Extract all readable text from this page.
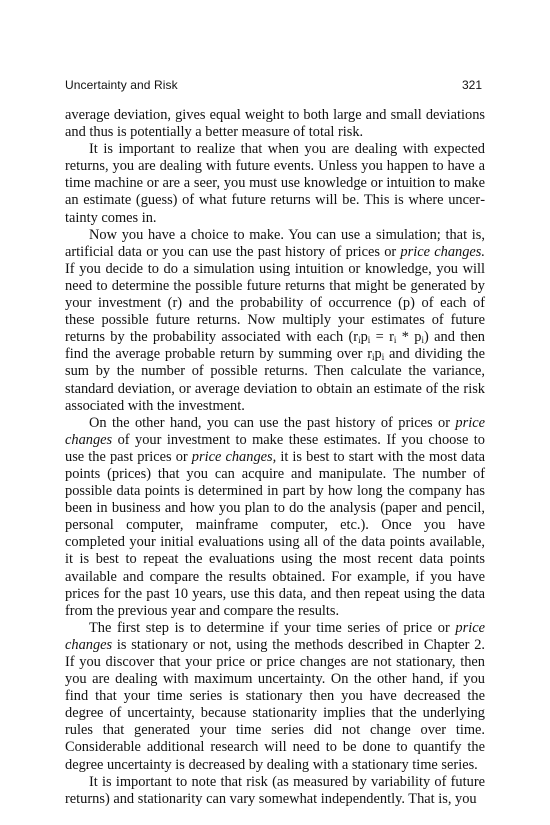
Uncertainty and Risk	321

average deviation, gives equal weight to both large and small deviations and thus is potentially a better measure of total risk.

It is important to realize that when you are dealing with expected returns, you are dealing with future events. Unless you happen to have a time machine or are a seer, you must use knowledge or intuition to make an estimate (guess) of what future returns will be. This is where uncertainty comes in.

Now you have a choice to make. You can use a simulation; that is, artificial data or you can use the past history of prices or price changes. If you decide to do a simulation using intuition or knowledge, you will need to determine the possible future returns that might be generated by your investment (r) and the probability of occurrence (p) of each of these possible future returns. Now multiply your estimates of future returns by the probability associated with each $(r_ip_i = r_i * p_i)$ and then find the average probable return by summing over $r_ip_i$ and dividing the sum by the number of possible returns. Then calculate the variance, standard deviation, or average deviation to obtain an estimate of the risk associated with the investment.

On the other hand, you can use the past history of prices or price changes of your investment to make these estimates. If you choose to use the past prices or price changes, it is best to start with the most data points (prices) that you can acquire and manipulate. The number of possible data points is determined in part by how long the company has been in business and how you plan to do the analysis (paper and pencil, personal computer, mainframe computer, etc.). Once you have completed your initial evaluations using all of the data points available, it is best to repeat the evaluations using the most recent data points available and compare the results obtained. For example, if you have prices for the past 10 years, use this data, and then repeat using the data from the previous year and compare the results.

The first step is to determine if your time series of price or price changes is stationary or not, using the methods described in Chapter 2. If you discover that your price or price changes are not stationary, then you are dealing with maximum uncertainty. On the other hand, if you find that your time series is stationary then you have decreased the degree of uncertainty, because stationarity implies that the underlying rules that generated your time series did not change over time. Considerable additional research will need to be done to quantify the degree uncertainty is decreased by dealing with a stationary time series.

It is important to note that risk (as measured by variability of future returns) and stationarity can vary somewhat independently. That is, you
